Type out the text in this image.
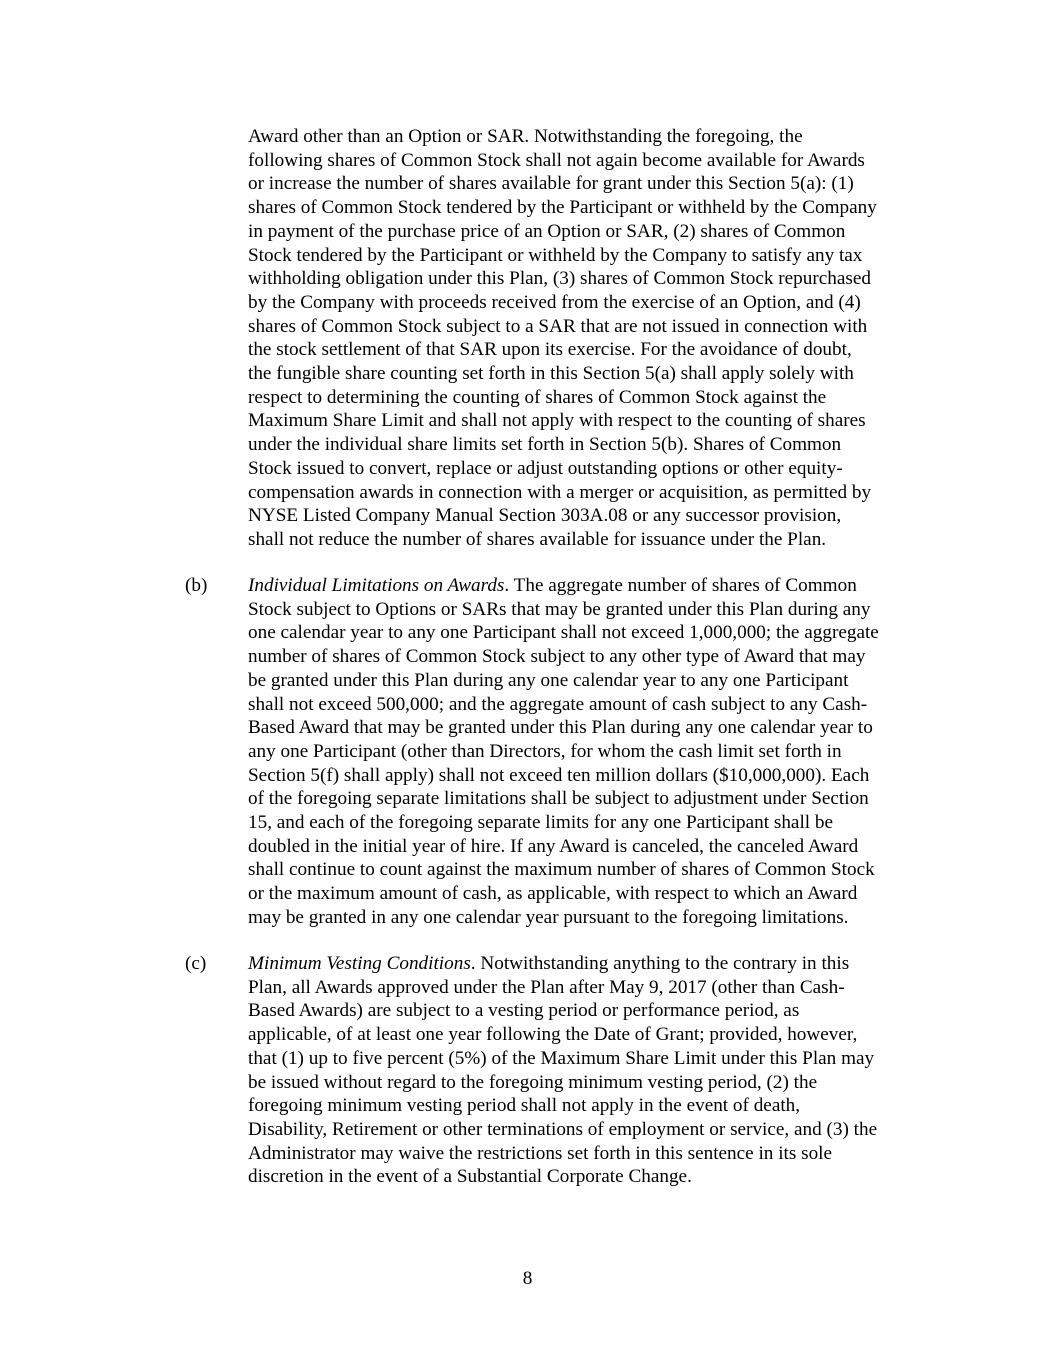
Award other than an Option or SAR. Notwithstanding the foregoing, the
following shares of Common Stock shall not again become available for Awards
or increase the number of shares available for grant under this Section 5(a): (1)
shares of Common Stock tendered by the Participant or withheld by the Company
in payment of the purchase price of an Option or SAR, (2) shares of Common
Stock tendered by the Participant or withheld by the Company to satisfy any tax
withholding obligation under this Plan, (3) shares of Common Stock repurchased
by the Company with proceeds received from the exercise of an Option, and (4)
shares of Common Stock subject to a SAR that are not issued in connection with
the stock settlement of that SAR upon its exercise. For the avoidance of doubt,
the fungible share counting set forth in this Section 5(a) shall apply solely with
respect to determining the counting of shares of Common Stock against the
Maximum Share Limit and shall not apply with respect to the counting of shares
under the individual share limits set forth in Section 5(b). Shares of Common
Stock issued to convert, replace or adjust outstanding options or other equity-
compensation awards in connection with a merger or acquisition, as permitted by
NYSE Listed Company Manual Section 303A.08 or any successor provision,
shall not reduce the number of shares available for issuance under the Plan.
(b) Individual Limitations on Awards. The aggregate number of shares of Common
Stock subject to Options or SARs that may be granted under this Plan during any
one calendar year to any one Participant shall not exceed 1,000,000; the aggregate
number of shares of Common Stock subject to any other type of Award that may
be granted under this Plan during any one calendar year to any one Participant
shall not exceed 500,000; and the aggregate amount of cash subject to any Cash-
Based Award that may be granted under this Plan during any one calendar year to
any one Participant (other than Directors, for whom the cash limit set forth in
Section 5(f) shall apply) shall not exceed ten million dollars ($10,000,000). Each
of the foregoing separate limitations shall be subject to adjustment under Section
15, and each of the foregoing separate limits for any one Participant shall be
doubled in the initial year of hire. If any Award is canceled, the canceled Award
shall continue to count against the maximum number of shares of Common Stock
or the maximum amount of cash, as applicable, with respect to which an Award
may be granted in any one calendar year pursuant to the foregoing limitations.
(c) Minimum Vesting Conditions. Notwithstanding anything to the contrary in this
Plan, all Awards approved under the Plan after May 9, 2017 (other than Cash-
Based Awards) are subject to a vesting period or performance period, as
applicable, of at least one year following the Date of Grant; provided, however,
that (1) up to five percent (5%) of the Maximum Share Limit under this Plan may
be issued without regard to the foregoing minimum vesting period, (2) the
foregoing minimum vesting period shall not apply in the event of death,
Disability, Retirement or other terminations of employment or service, and (3) the
Administrator may waive the restrictions set forth in this sentence in its sole
discretion in the event of a Substantial Corporate Change.
8
